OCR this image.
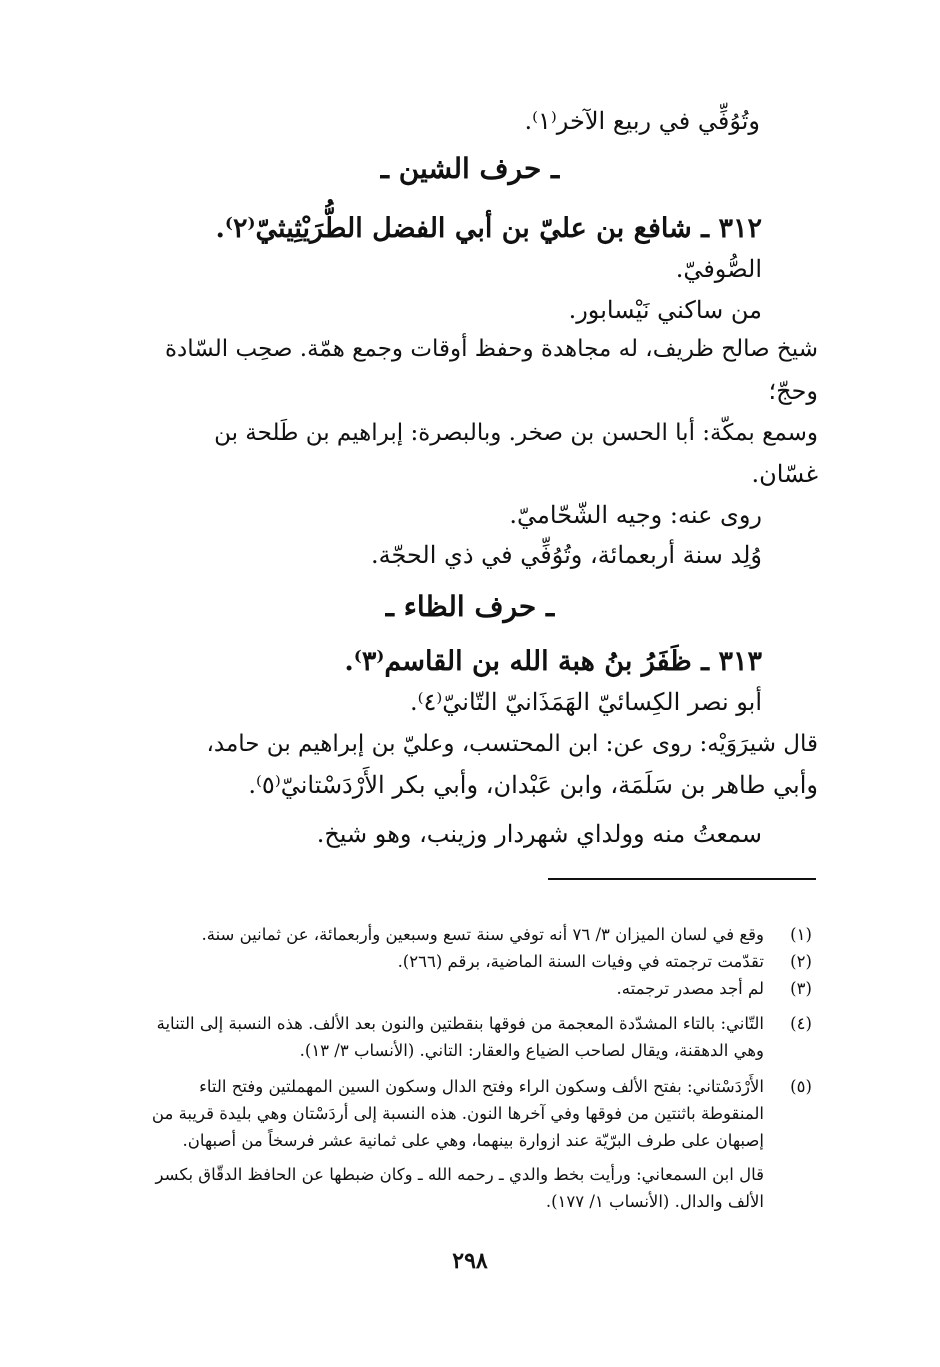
وتُوُفِّي في ربيع الآخر⁽١⁾.
ـ حرف الشين ـ
٣١٢ ـ شافع بن عليّ بن أبي الفضل الطُّرَيْثِيثيّ⁽٢⁾.
الصُّوفيّ.
من ساكني نَيْسابور.
شيخ صالح ظريف، له مجاهدة وحفظ أوقات وجمع همّة. صحِب السّادة
وحجّ؛
وسمع بمكّة: أبا الحسن بن صخر. وبالبصرة: إبراهيم بن طَلحة بن
غسّان.
روى عنه: وجيه الشّحّاميّ.
وُلِد سنة أربعمائة، وتُوُفِّي في ذي الحجّة.
ـ حرف الظاء ـ
٣١٣ ـ ظَفَرُ بنُ هبة الله بن القاسم⁽٣⁾.
أبو نصر الكِسائيّ الهَمَذَانيّ التّانيّ⁽٤⁾.
قال شيرَوَيْه: روى عن: ابن المحتسب، وعليّ بن إبراهيم بن حامد،
وأبي طاهر بن سَلَمَة، وابن عَبْدان، وأبي بكر الأَرْدَسْتانيّ⁽٥⁾.
سمعتُ منه وولداي شهردار وزينب، وهو شيخ.
(١)
وقع في لسان الميزان ٣/ ٧٦ أنه توفي سنة تسع وسبعين وأربعمائة، عن ثمانين سنة.
(٢)
تقدّمت ترجمته في وفيات السنة الماضية، برقم (٢٦٦).
(٣)
لم أجد مصدر ترجمته.
(٤)
التّاني: بالتاء المشدّدة المعجمة من فوقها بنقطتين والنون بعد الألف. هذه النسبة إلى التناية
وهي الدهقنة، ويقال لصاحب الضياع والعقار: التاني. (الأنساب ٣/ ١٣).
(٥)
الأَرْدَسْتاني: بفتح الألف وسكون الراء وفتح الدال وسكون السين المهملتين وفتح التاء
المنقوطة باثنتين من فوقها وفي آخرها النون. هذه النسبة إلى أردَسْتان وهي بليدة قريبة من
إصبهان على طرف البرّيّة عند ازوارة بينهما، وهي على ثمانية عشر فرسخاً من أصبهان.
قال ابن السمعاني: ورأيت بخط والدي ـ رحمه الله ـ وكان ضبطها عن الحافظ الدقّاق بكسر
الألف والدال. (الأنساب ١/ ١٧٧).
٢٩٨
